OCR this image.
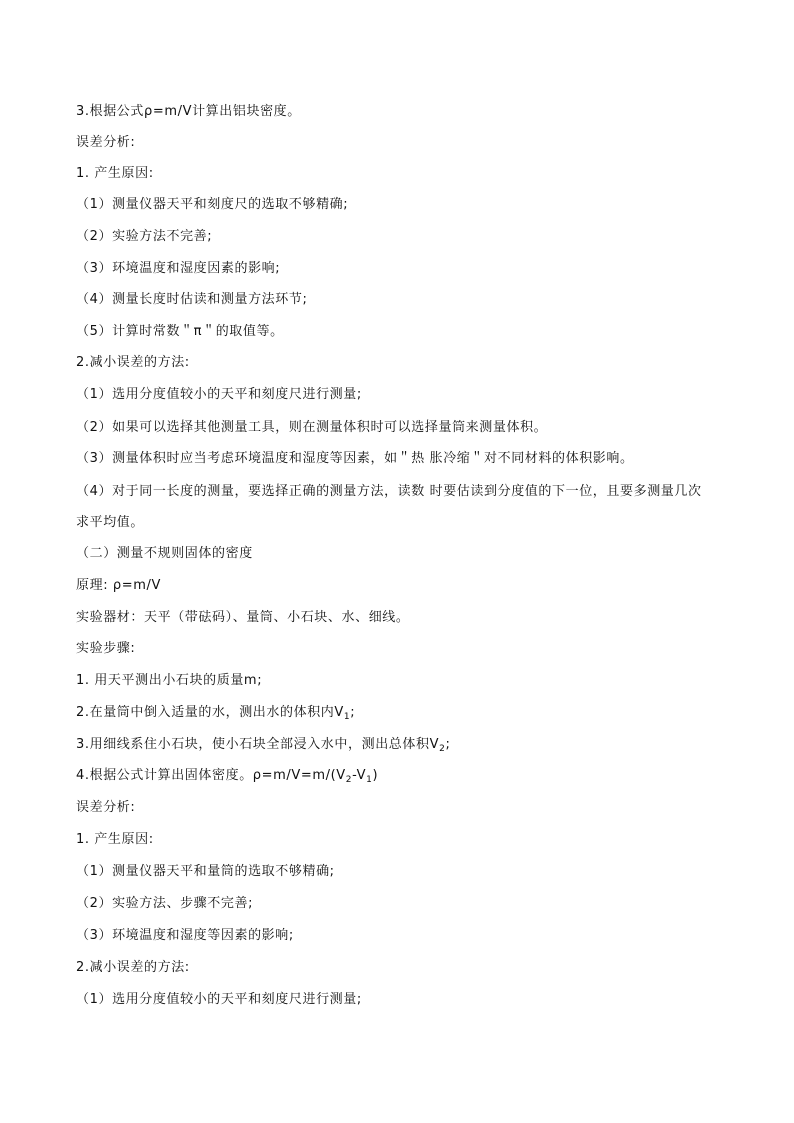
3.根据公式ρ=m/V计算出铝块密度。
误差分析:
1. 产生原因:
（1）测量仪器天平和刻度尺的选取不够精确;
（2）实验方法不完善;
（3）环境温度和湿度因素的影响;
（4）测量长度时估读和测量方法环节;
（5）计算时常数＂π＂的取值等。
2.减小误差的方法:
（1）选用分度值较小的天平和刻度尺进行测量;
（2）如果可以选择其他测量工具，则在测量体积时可以选择量筒来测量体积。
（3）测量体积时应当考虑环境温度和湿度等因素，如＂热 胀冷缩＂对不同材料的体积影响。
（4）对于同一长度的测量，要选择正确的测量方法，读数 时要估读到分度值的下一位，且要多测量几次
求平均值。
（二）测量不规则固体的密度
原理: ρ=m/V
实验器材：天平（带砝码）、量筒、小石块、水、细线。
实验步骤:
1. 用天平测出小石块的质量m;
2.在量筒中倒入适量的水，测出水的体积内$V_1$;
3.用细线系住小石块，使小石块全部浸入水中，测出总体积$V_2$;
4.根据公式计算出固体密度。$\rho=m/V=m/(V_2-V_1)$
误差分析:
1. 产生原因:
（1）测量仪器天平和量筒的选取不够精确;
（2）实验方法、步骤不完善;
（3）环境温度和湿度等因素的影响;
2.减小误差的方法:
（1）选用分度值较小的天平和刻度尺进行测量;
